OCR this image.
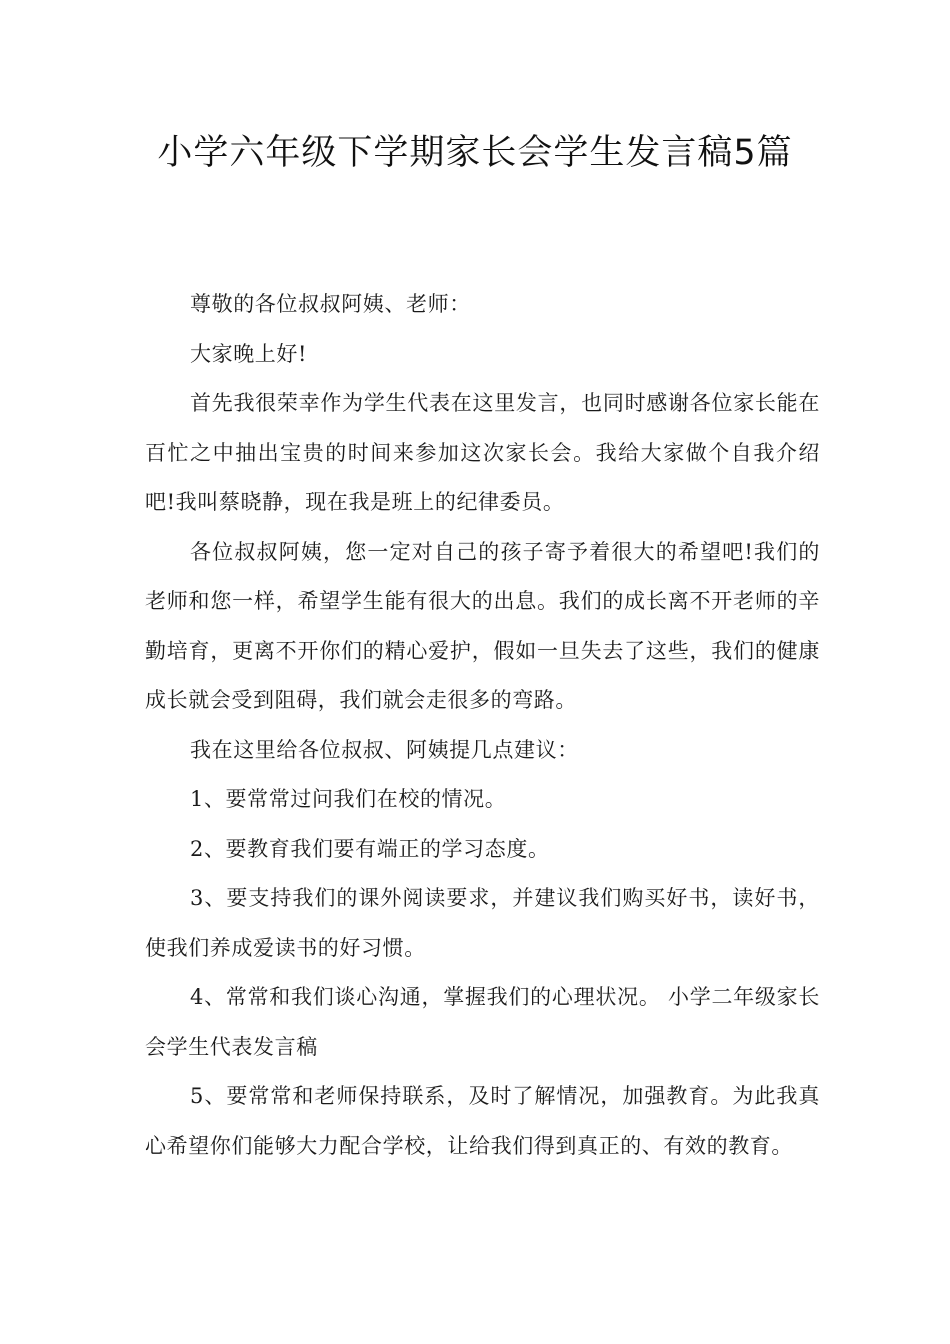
小学六年级下学期家长会学生发言稿5篇

尊敬的各位叔叔阿姨、老师：

大家晚上好!

首先我很荣幸作为学生代表在这里发言，也同时感谢各位家长能在百忙之中抽出宝贵的时间来参加这次家长会。我给大家做个自我介绍吧!我叫蔡晓静，现在我是班上的纪律委员。

各位叔叔阿姨，您一定对自己的孩子寄予着很大的希望吧!我们的老师和您一样，希望学生能有很大的出息。我们的成长离不开老师的辛勤培育，更离不开你们的精心爱护，假如一旦失去了这些，我们的健康成长就会受到阻碍，我们就会走很多的弯路。

我在这里给各位叔叔、阿姨提几点建议：

1、要常常过问我们在校的情况。

2、要教育我们要有端正的学习态度。

3、要支持我们的课外阅读要求，并建议我们购买好书，读好书，使我们养成爱读书的好习惯。

4、常常和我们谈心沟通，掌握我们的心理状况。 小学二年级家长会学生代表发言稿

5、要常常和老师保持联系，及时了解情况，加强教育。为此我真心希望你们能够大力配合学校，让给我们得到真正的、有效的教育。
